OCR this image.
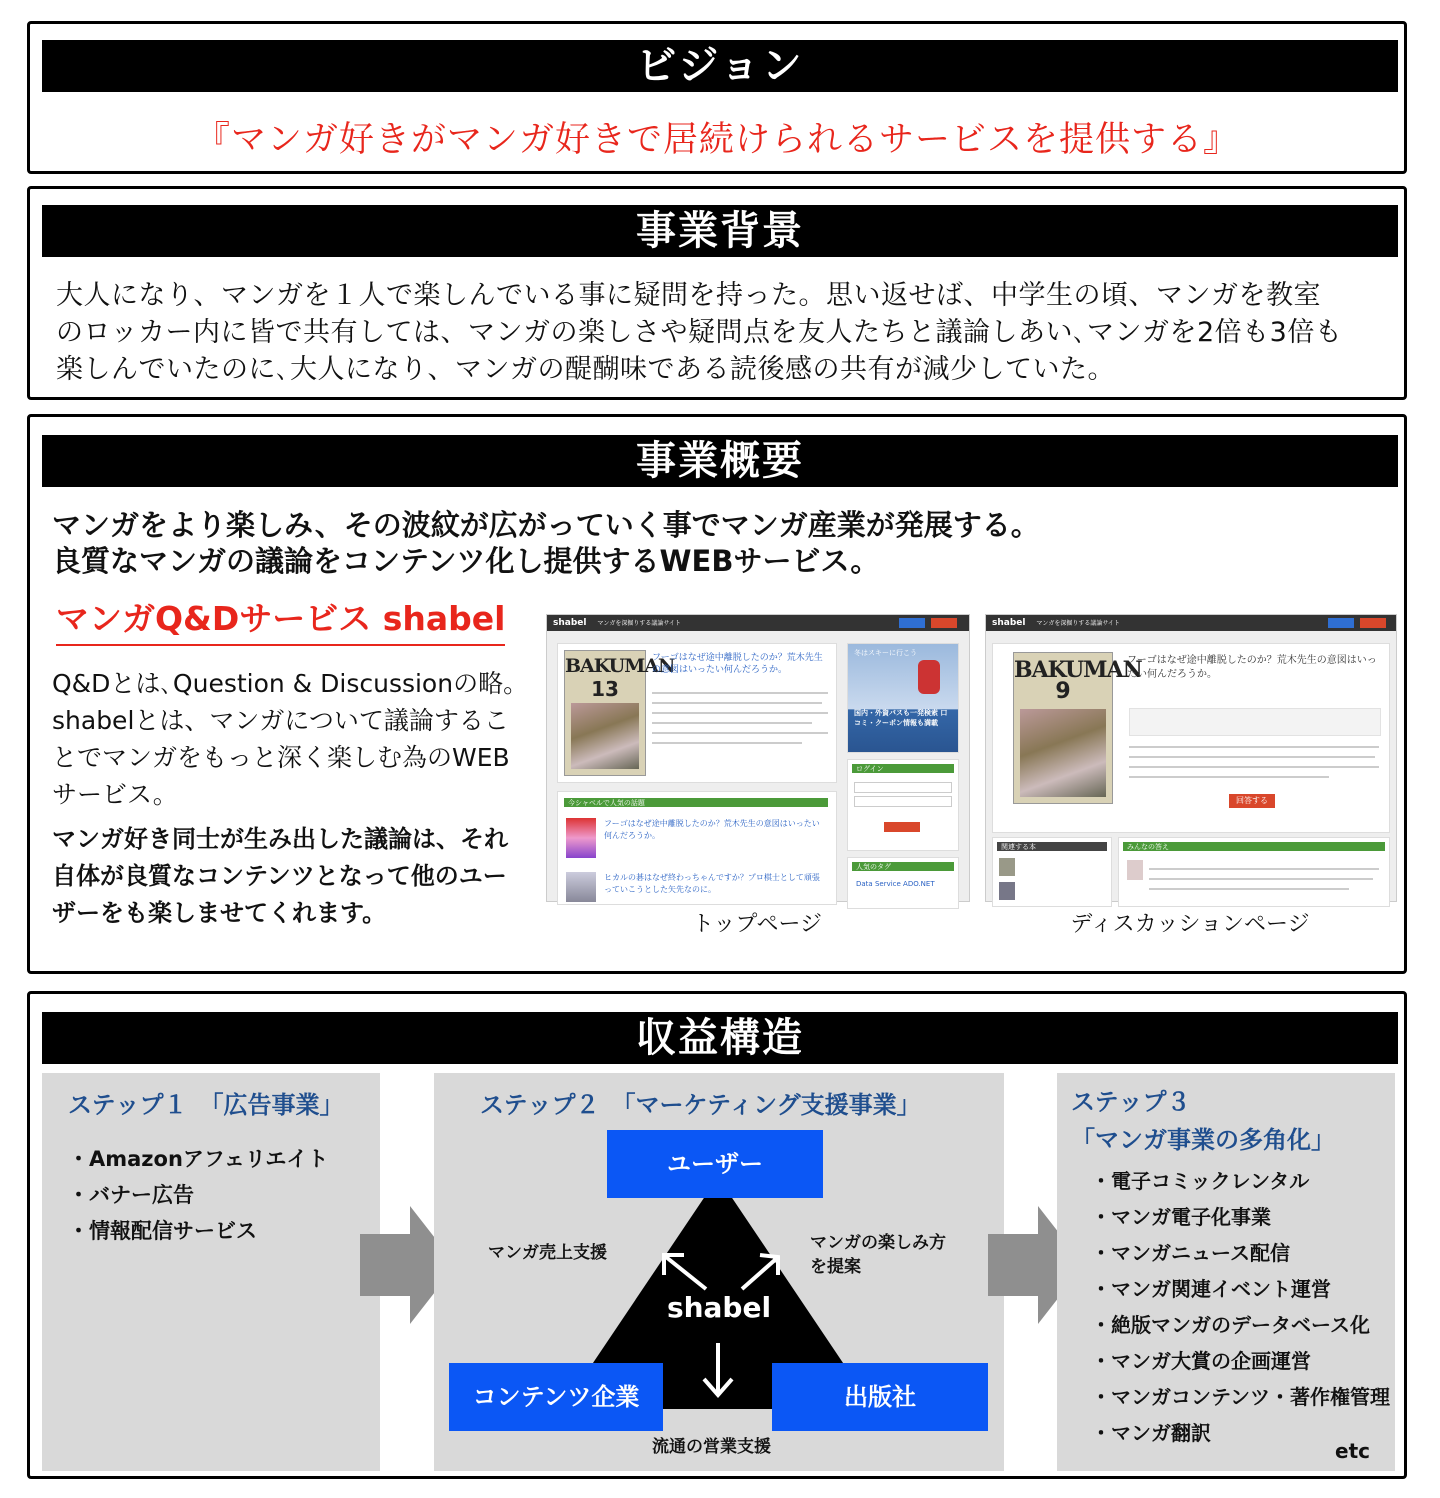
ビジョン
『マンガ好きがマンガ好きで居続けられるサービスを提供する』
事業背景
大人になり、マンガを１人で楽しんでいる事に疑問を持った。思い返せば、中学生の頃、マンガを教室
のロッカー内に皆で共有しては、マンガの楽しさや疑問点を友人たちと議論しあい､マンガを2倍も3倍も
楽しんでいたのに､大人になり、マンガの醍醐味である読後感の共有が減少していた。
事業概要
マンガをより楽しみ、その波紋が広がっていく事でマンガ産業が発展する。
良質なマンガの議論をコンテンツ化し提供するWEBサービス。
マンガQ&Dサービス shabel
Q&Dとは､Question & Discussionの略。
shabelとは、マンガについて議論するこ
とでマンガをもっと深く楽しむ為のWEB
サービス。
マンガ好き同士が生み出した議論は、それ
自体が良質なコンテンツとなって他のユー
ザーをも楽しませてくれます。
shabel マンガを深掘りする議論サイト
BAKUMAN
13
フーゴはなぜ途中離脱したのか？荒木先生の意図はいったい何んだろうか。
今シャベルで人気の話題
フーゴはなぜ途中離脱したのか？荒木先生の意図はいったい何んだろうか。
ヒカルの碁はなぜ終わっちゃんですか？プロ棋士として頑張っていこうとした矢先なのに。
冬はスキーに行こう
国内・外資バスも一発検索 口コミ・クーポン情報も満載
ログイン
人気のタグ
Data Service ADO.NET
トップページ
shabel マンガを深掘りする議論サイト
BAKUMAN
9
フーゴはなぜ途中離脱したのか？荒木先生の意図はいったい何んだろうか。
回答する
関連する本	みんなの答え
ディスカッションページ
収益構造
ステップ１　「広告事業」
・Amazonアフェリエイト
・バナー広告
・情報配信サービス
ステップ２　「マーケティング支援事業」
ユーザー
コンテンツ企業	出版社
shabel
マンガ売上支援	マンガの楽しみ方
を提案
流通の営業支援
ステップ３
「マンガ事業の多角化」
・電子コミックレンタル
・マンガ電子化事業
・マンガニュース配信
・マンガ関連イベント運営
・絶版マンガのデータベース化
・マンガ大賞の企画運営
・マンガコンテンツ・著作権管理
・マンガ翻訳
etc
